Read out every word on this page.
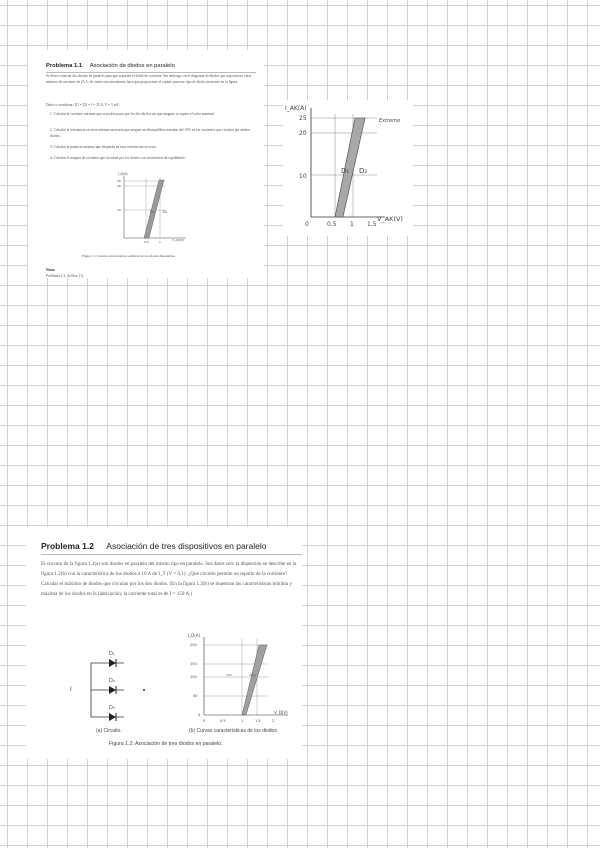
Problema 1.1 Asociación de diodos en paralelo
Se desea conectar dos diodos en paralelo para que soporten el doble de corriente. Sin embargo, en el diagrama de diodos que soportan un valor máximo de corriente de 25 A, de ciertos inconvenientes hace que proporcione el reparto para ese tipo de diodo, mostrado en la figura.
Datos a considerar: D1 = D2 = I = 25 A, V = 5 mV.
1. Calcular la corriente máxima que se podría pasar por los dos diodos sin que ninguno se supere el valor nominal.
2. Calcular la resistencia en serie mínima necesaria que asegure un desequilibrio máximo del 10% en las corrientes que circulan por ambos diodos.
3. Calcular la potencia máxima que disiparán en esas resistencias en serie.
4. Calcular el margen de corriente que circulará por los diodos con resistencias de equilibrado.
I_D(A)
25
20
10
0.5	1	V_AK(V)
D₁	D₂
Figura 1.1: Curvas características estáticas de los diodos disponibles.
Notas
Problema 2.3, de libro [1].
I_AK(A)
25
20
10
0	0.5 1 1.5
V_AK(V)
D₁ D₂
Extremo
Problema 1.2 Asociación de tres dispositivos en paralelo
El circuito de la figura 1.2(a) son diodos en paralelo del mismo tipo en paralelo. Sus datos son: la dispersión se describe en la figura 1.2(b) con la característica de los diodos a 10 A de I_T (V = 0,1). ¿Qué circuito permite un reparto de la corriente? Calcular el máximo de diodos que circulan por los dos diodos. (En la figura 1.2(b) se muestran las características mínima y máxima de los diodos en la fabricación; la corriente total es de I = 150 A.)
D₁
D₂
D₃
I
(a) Circuito.
I_D(A)
200
150
100
50
0
0	0.5	1	1.5	2
V_D(V)
mín.	máx.
(b) Curvas características de los diodos.
Figura 1.2: Asociación de tres diodos en paralelo.
